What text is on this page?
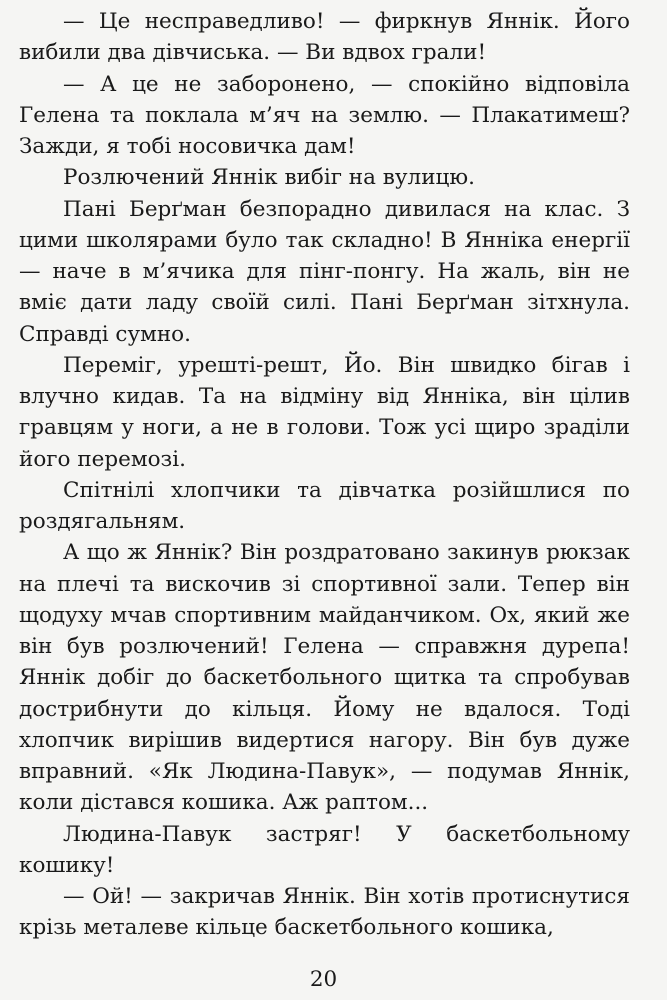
— Це несправедливо! — фиркнув Яннік. Його вибили два дівчиська. — Ви вдвох грали!

— А це не заборонено, — спокійно відповіла Гелена та поклала м’яч на землю. — Плакатимеш? Зажди, я тобі носовичка дам!

Розлючений Яннік вибіг на вулицю.

Пані Берґман безпорадно дивилася на клас. З цими школярами було так складно! В Янніка енергії — наче в м’ячика для пінг-понгу. На жаль, він не вміє дати ладу своїй силі. Пані Берґман зітхнула. Справді сумно.

Переміг, урешті-решт, Йо. Він швидко бігав і влучно кидав. Та на відміну від Янніка, він цілив гравцям у ноги, а не в голови. Тож усі щиро зраділи його перемозі.

Спітнілі хлопчики та дівчатка розійшлися по роздягальням.

А що ж Яннік? Він роздратовано закинув рюкзак на плечі та вискочив зі спортивної зали. Тепер він щодуху мчав спортивним майданчиком. Ох, який же він був розлючений! Гелена — справжня дурепа! Яннік добіг до баскетбольного щитка та спробував дострибнути до кільця. Йому не вдалося. Тоді хлопчик вирішив видертися нагору. Він був дуже вправний. «Як Людина-Павук», — подумав Яннік, коли дістався кошика. Аж раптом...

Людина-Павук застряг! У баскетбольному кошику!

— Ой! — закричав Яннік. Він хотів протиснутися крізь металеве кільце баскетбольного кошика,

20
